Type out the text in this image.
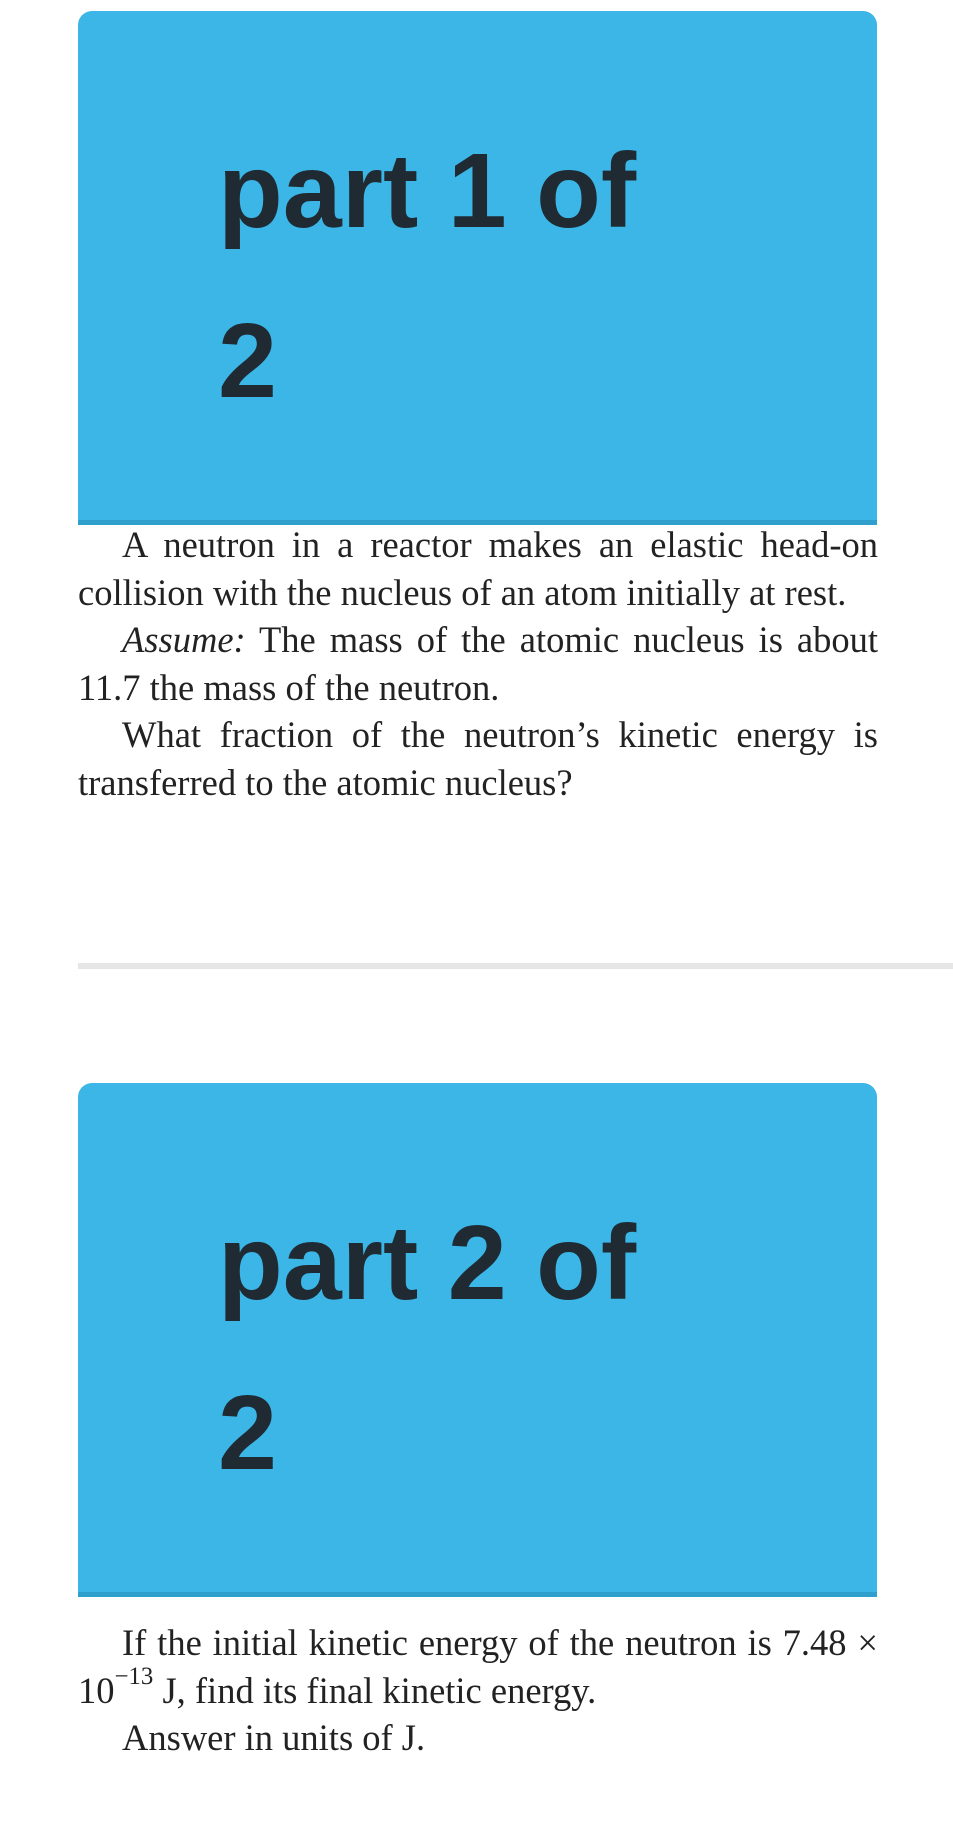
part 1 of 2

A neutron in a reactor makes an elastic head-on collision with the nucleus of an atom initially at rest.

Assume: The mass of the atomic nucleus is about 11.7 the mass of the neutron.

What fraction of the neutron’s kinetic energy is transferred to the atomic nucleus?

part 2 of 2

If the initial kinetic energy of the neutron is $7.48 \times 10^{-13}$ J, find its final kinetic energy.

Answer in units of J.
